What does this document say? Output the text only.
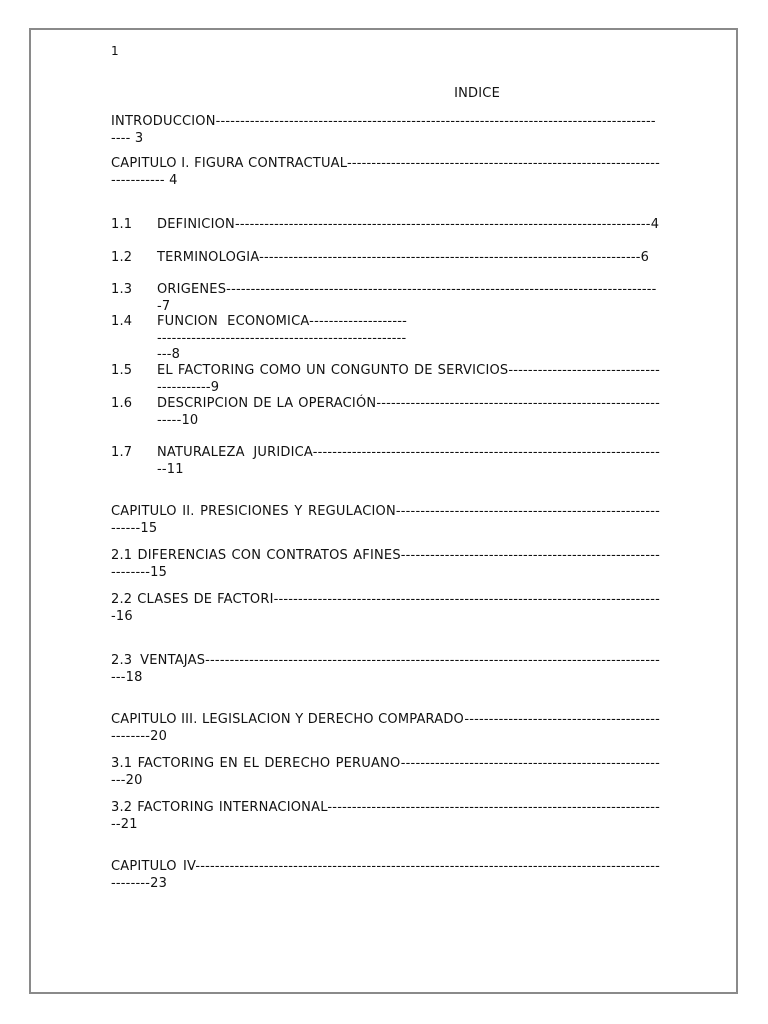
1
INDICE
INTRODUCCION---------------------------------------------------------------------------------------------- 3
CAPITULO I. FIGURA CONTRACTUAL--------------------------------------------------------------------------- 4
1.1	DEFINICION-------------------------------------------------------------------------------------4
1.2	TERMINOLOGIA------------------------------------------------------------------------------6
1.3	ORIGENES-----------------------------------------------------------------------------------------7
1.4	FUNCION ECONOMICA--------------------------------------------------------------------------8
1.5	EL FACTORING COMO UN CONGUNTO DE SERVICIOS------------------------------------------9
1.6	DESCRIPCION DE LA OPERACIÓN---------------------------------------------------------------10
1.7	NATURALEZA JURIDICA-------------------------------------------------------------------------11
CAPITULO II. PRESICIONES Y REGULACION------------------------------------------------------------15
2.1 DIFERENCIAS CON CONTRATOS AFINES-------------------------------------------------------------15
2.2 CLASES DE FACTORI--------------------------------------------------------------------------------16
2.3 VENTAJAS------------------------------------------------------------------------------------------------18
CAPITULO III. LEGISLACION Y DERECHO COMPARADO------------------------------------------------20
3.1 FACTORING EN EL DERECHO PERUANO--------------------------------------------------------20
3.2 FACTORING INTERNACIONAL----------------------------------------------------------------------21
CAPITULO IV-------------------------------------------------------------------------------------------------------23
